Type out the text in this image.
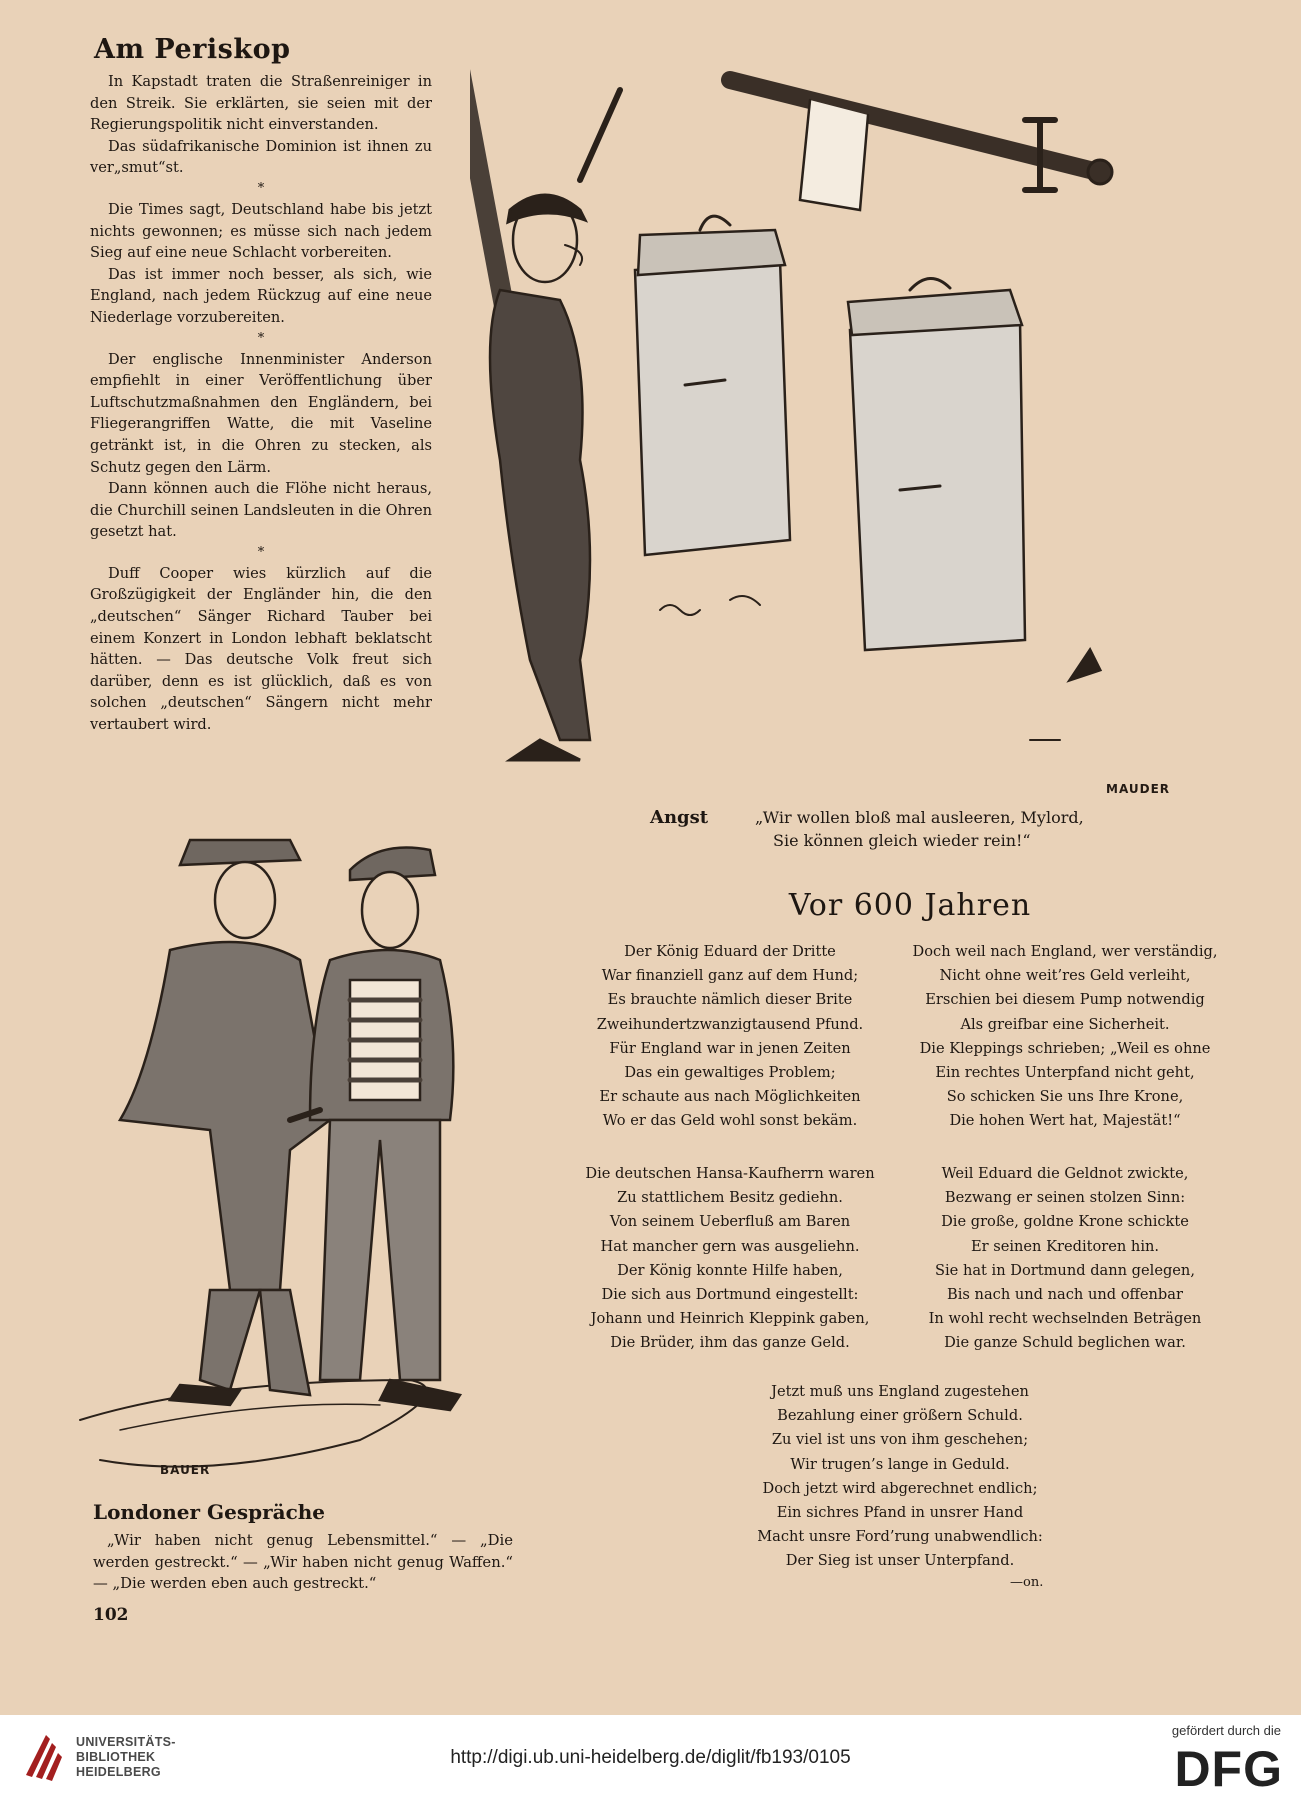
Am Periskop

In Kapstadt traten die Straßenreiniger in den Streik. Sie erklärten, sie seien mit der Regierungspolitik nicht einverstanden.

Das südafrikanische Dominion ist ihnen zu ver„smut“st.

*

Die Times sagt, Deutschland habe bis jetzt nichts gewonnen; es müsse sich nach jedem Sieg auf eine neue Schlacht vorbereiten.

Das ist immer noch besser, als sich, wie England, nach jedem Rückzug auf eine neue Niederlage vorzubereiten.

*

Der englische Innenminister Anderson empfiehlt in einer Veröffentlichung über Luftschutzmaßnahmen den Engländern, bei Fliegerangriffen Watte, die mit Vaseline getränkt ist, in die Ohren zu stecken, als Schutz gegen den Lärm.

Dann können auch die Flöhe nicht heraus, die Churchill seinen Landsleuten in die Ohren gesetzt hat.

*

Duff Cooper wies kürzlich auf die Großzügigkeit der Engländer hin, die den „deutschen“ Sänger Richard Tauber bei einem Konzert in London lebhaft beklatscht hätten. — Das deutsche Volk freut sich darüber, denn es ist glücklich, daß es von solchen „deutschen“ Sängern nicht mehr vertaubert wird.

MAUDER
Angst	„Wir wollen bloß mal ausleeren, Mylord,
Sie können gleich wieder rein!“
BAUER
Vor 600 Jahren
Der König Eduard der Dritte
War finanziell ganz auf dem Hund;
Es brauchte nämlich dieser Brite
Zweihundertzwanzigtausend Pfund.
Für England war in jenen Zeiten
Das ein gewaltiges Problem;
Er schaute aus nach Möglichkeiten
Wo er das Geld wohl sonst bekäm.
Doch weil nach England, wer verständig,
Nicht ohne weit’res Geld verleiht,
Erschien bei diesem Pump notwendig
Als greifbar eine Sicherheit.
Die Kleppings schrieben; „Weil es ohne
Ein rechtes Unterpfand nicht geht,
So schicken Sie uns Ihre Krone,
Die hohen Wert hat, Majestät!“
Die deutschen Hansa-Kaufherrn waren
Zu stattlichem Besitz gediehn.
Von seinem Ueberfluß am Baren
Hat mancher gern was ausgeliehn.
Der König konnte Hilfe haben,
Die sich aus Dortmund eingestellt:
Johann und Heinrich Kleppink gaben,
Die Brüder, ihm das ganze Geld.
Weil Eduard die Geldnot zwickte,
Bezwang er seinen stolzen Sinn:
Die große, goldne Krone schickte
Er seinen Kreditoren hin.
Sie hat in Dortmund dann gelegen,
Bis nach und nach und offenbar
In wohl recht wechselnden Beträgen
Die ganze Schuld beglichen war.
Jetzt muß uns England zugestehen
Bezahlung einer größern Schuld.
Zu viel ist uns von ihm geschehen;
Wir trugen’s lange in Geduld.
Doch jetzt wird abgerechnet endlich;
Ein sichres Pfand in unsrer Hand
Macht unsre Ford’rung unabwendlich:
Der Sieg ist unser Unterpfand.
—on.
Londoner Gespräche

„Wir haben nicht genug Lebensmittel.“ — „Die werden gestreckt.“ — „Wir haben nicht genug Waffen.“ — „Die werden eben auch gestreckt.“

102
UNIVERSITÄTS-
BIBLIOTHEK
HEIDELBERG
http://digi.ub.uni-heidelberg.de/diglit/fb193/0105
gefördert durch die
DFG
